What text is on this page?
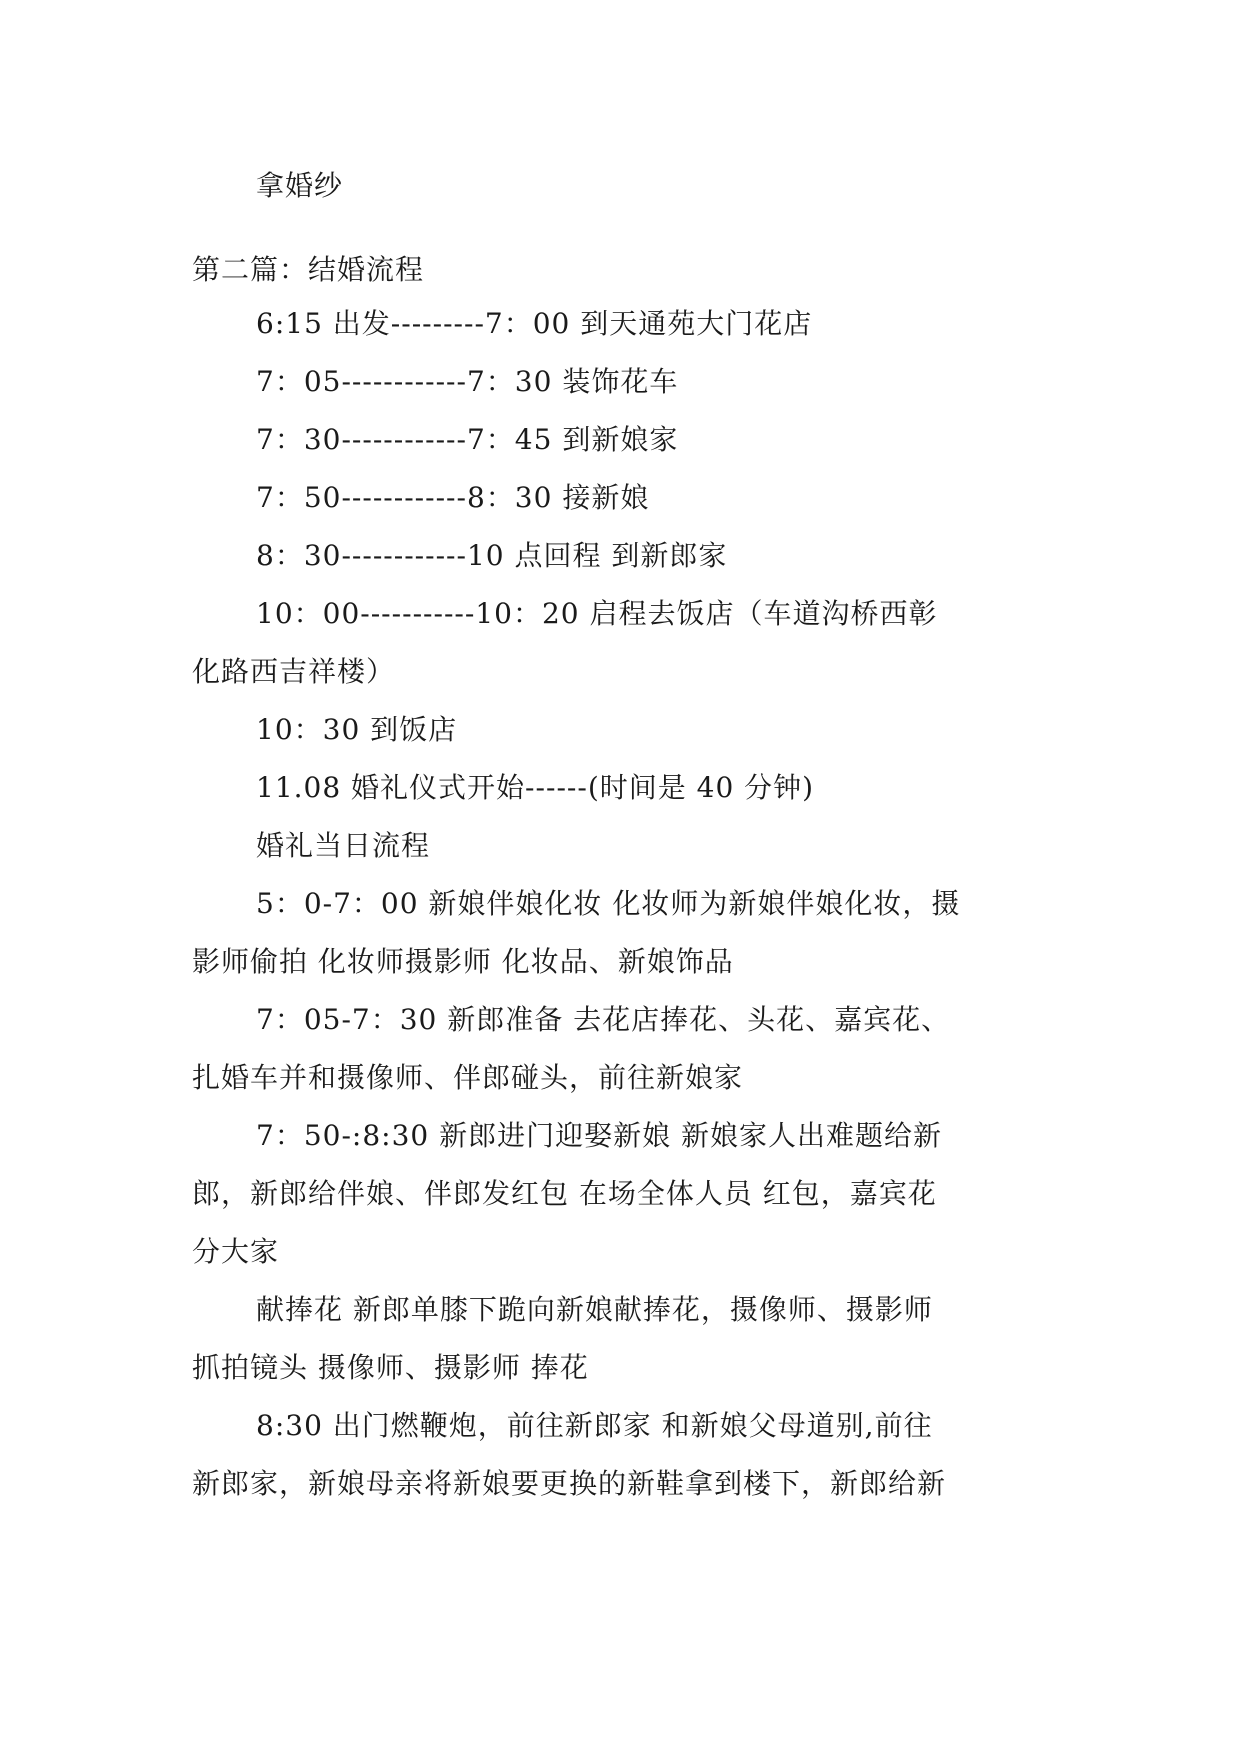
拿婚纱
第二篇：结婚流程
6:15 出发---------7：00 到天通苑大门花店
7：05------------7：30 装饰花车
7：30------------7：45 到新娘家
7：50------------8：30 接新娘
8：30------------10 点回程 到新郎家
10：00-----------10：20 启程去饭店（车道沟桥西彰
化路西吉祥楼）
10：30 到饭店
11.08 婚礼仪式开始------(时间是 40 分钟)
婚礼当日流程
5：0-7：00 新娘伴娘化妆 化妆师为新娘伴娘化妆，摄
影师偷拍 化妆师摄影师 化妆品、新娘饰品
7：05-7：30 新郎准备 去花店捧花、头花、嘉宾花、
扎婚车并和摄像师、伴郎碰头，前往新娘家
7：50-:8:30 新郎进门迎娶新娘 新娘家人出难题给新
郎，新郎给伴娘、伴郎发红包 在场全体人员 红包，嘉宾花
分大家
献捧花 新郎单膝下跪向新娘献捧花，摄像师、摄影师
抓拍镜头 摄像师、摄影师 捧花
8:30 出门燃鞭炮，前往新郎家 和新娘父母道别,前往
新郎家，新娘母亲将新娘要更换的新鞋拿到楼下，新郎给新
